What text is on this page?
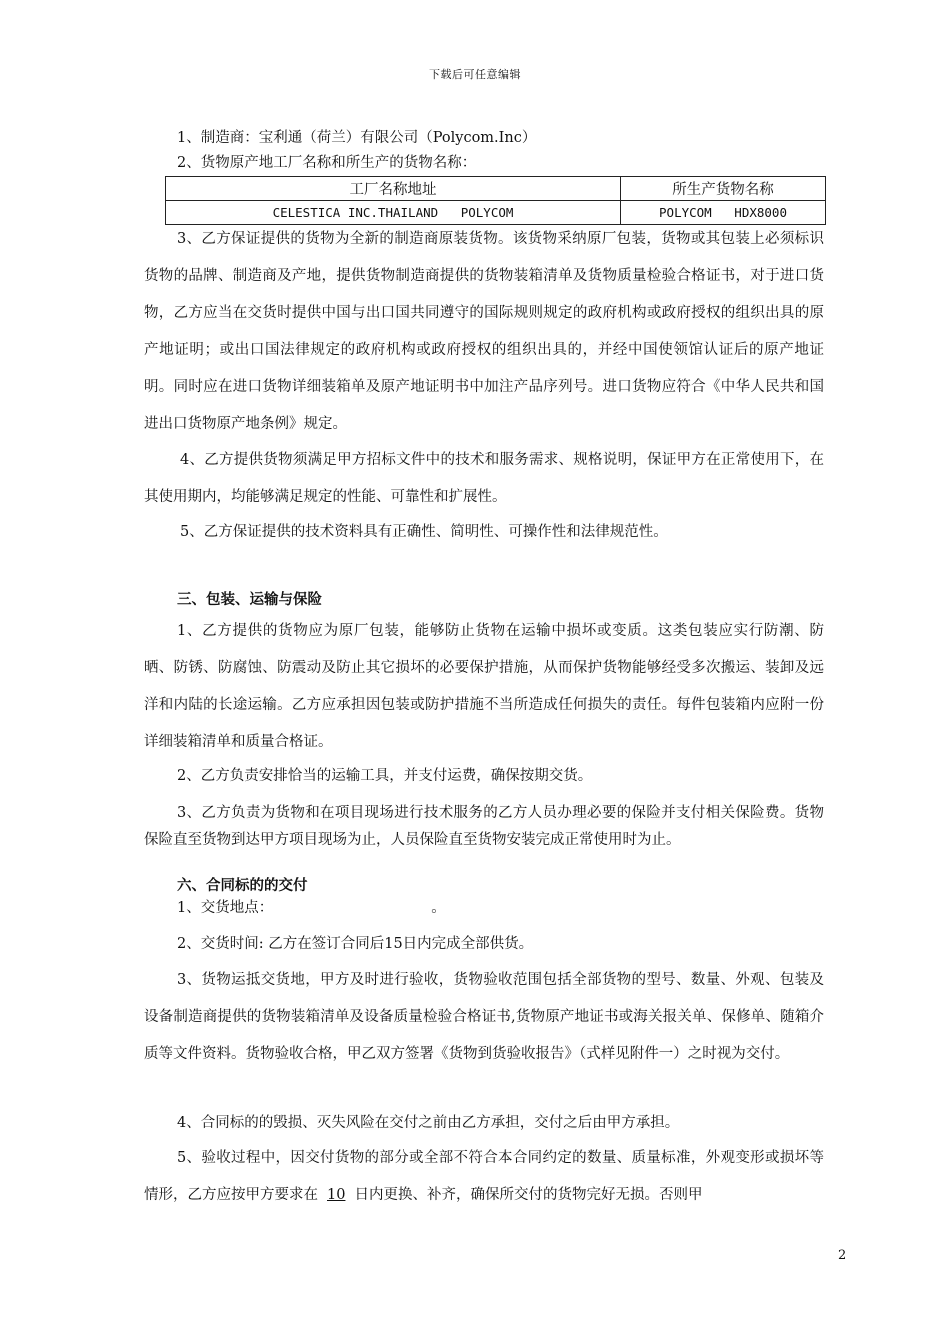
下载后可任意编辑

1、制造商：宝利通（荷兰）有限公司（Polycom.Inc）

2、货物原产地工厂名称和所生产的货物名称：

工厂名称地址	所生产货物名称
CELESTICA INC.THAILAND   POLYCOM	POLYCOM   HDX8000

3、乙方保证提供的货物为全新的制造商原装货物。该货物采纳原厂包装，货物或其包装上必须标识货物的品牌、制造商及产地，提供货物制造商提供的货物装箱清单及货物质量检验合格证书，对于进口货物，乙方应当在交货时提供中国与出口国共同遵守的国际规则规定的政府机构或政府授权的组织出具的原产地证明；或出口国法律规定的政府机构或政府授权的组织出具的，并经中国使领馆认证后的原产地证明。同时应在进口货物详细装箱单及原产地证明书中加注产品序列号。进口货物应符合《中华人民共和国进出口货物原产地条例》规定。

4、乙方提供货物须满足甲方招标文件中的技术和服务需求、规格说明，保证甲方在正常使用下，在其使用期内，均能够满足规定的性能、可靠性和扩展性。

5、乙方保证提供的技术资料具有正确性、简明性、可操作性和法律规范性。

三、包装、运输与保险

1、乙方提供的货物应为原厂包装，能够防止货物在运输中损坏或变质。这类包装应实行防潮、防晒、防锈、防腐蚀、防震动及防止其它损坏的必要保护措施，从而保护货物能够经受多次搬运、装卸及远洋和内陆的长途运输。乙方应承担因包装或防护措施不当所造成任何损失的责任。每件包装箱内应附一份详细装箱清单和质量合格证。

2、乙方负责安排恰当的运输工具，并支付运费，确保按期交货。

3、乙方负责为货物和在项目现场进行技术服务的乙方人员办理必要的保险并支付相关保险费。货物保险直至货物到达甲方项目现场为止，人员保险直至货物安装完成正常使用时为止。

六、合同标的的交付

1、交货地点：	。

2、交货时间: 乙方在签订合同后15日内完成全部供货。

3、货物运抵交货地，甲方及时进行验收，货物验收范围包括全部货物的型号、数量、外观、包装及设备制造商提供的货物装箱清单及设备质量检验合格证书,货物原产地证书或海关报关单、保修单、随箱介质等文件资料。货物验收合格，甲乙双方签署《货物到货验收报告》（式样见附件一）之时视为交付。

4、合同标的的毁损、灭失风险在交付之前由乙方承担，交付之后由甲方承担。

5、验收过程中，因交付货物的部分或全部不符合本合同约定的数量、质量标准，外观变形或损坏等情形，乙方应按甲方要求在 10 日内更换、补齐，确保所交付的货物完好无损。否则甲

2
